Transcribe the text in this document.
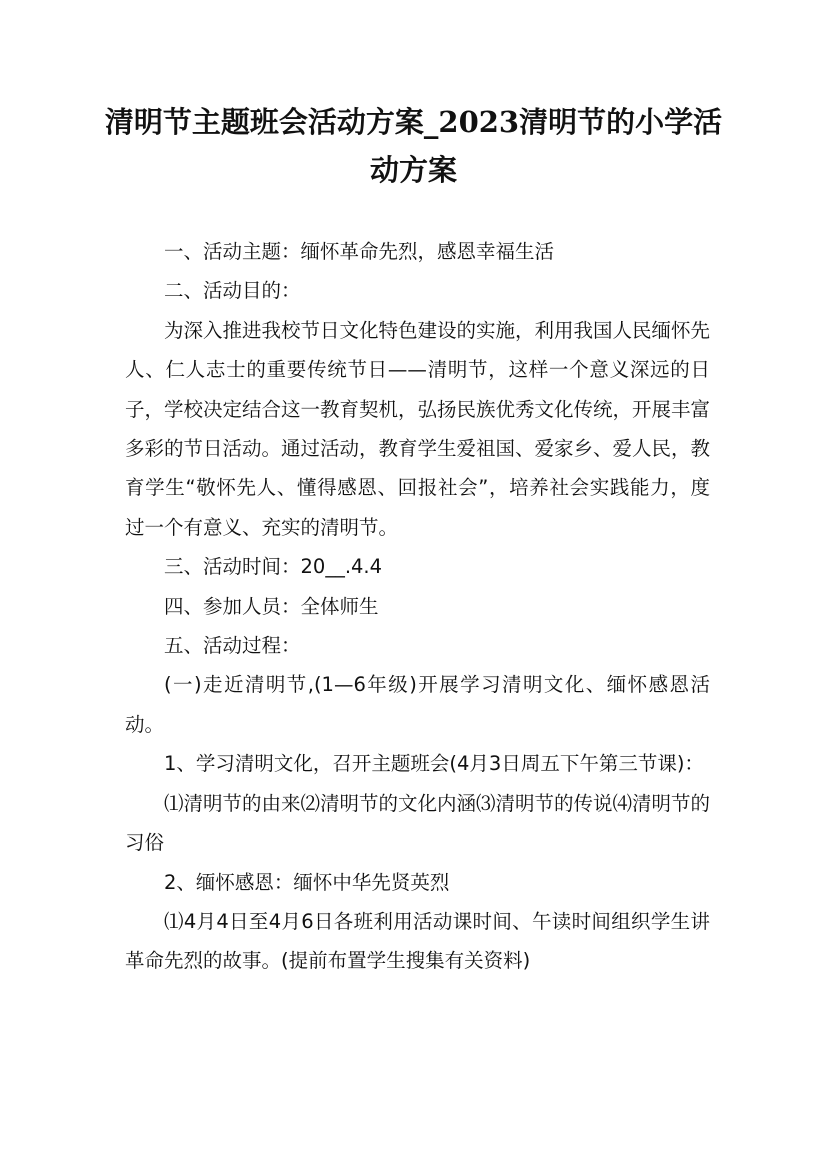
清明节主题班会活动方案_2023清明节的小学活动方案

一、活动主题：缅怀革命先烈，感恩幸福生活

二、活动目的：

为深入推进我校节日文化特色建设的实施，利用我国人民缅怀先人、仁人志士的重要传统节日——清明节，这样一个意义深远的日子，学校决定结合这一教育契机，弘扬民族优秀文化传统，开展丰富多彩的节日活动。通过活动，教育学生爱祖国、爱家乡、爱人民，教育学生“敬怀先人、懂得感恩、回报社会”，培养社会实践能力，度过一个有意义、充实的清明节。

三、活动时间：20__.4.4

四、参加人员：全体师生

五、活动过程：

(一)走近清明节,(1—6年级)开展学习清明文化、缅怀感恩活动。

1、学习清明文化，召开主题班会(4月3日周五下午第三节课)：

⑴清明节的由来⑵清明节的文化内涵⑶清明节的传说⑷清明节的习俗

2、缅怀感恩：缅怀中华先贤英烈

⑴4月4日至4月6日各班利用活动课时间、午读时间组织学生讲革命先烈的故事。(提前布置学生搜集有关资料)
